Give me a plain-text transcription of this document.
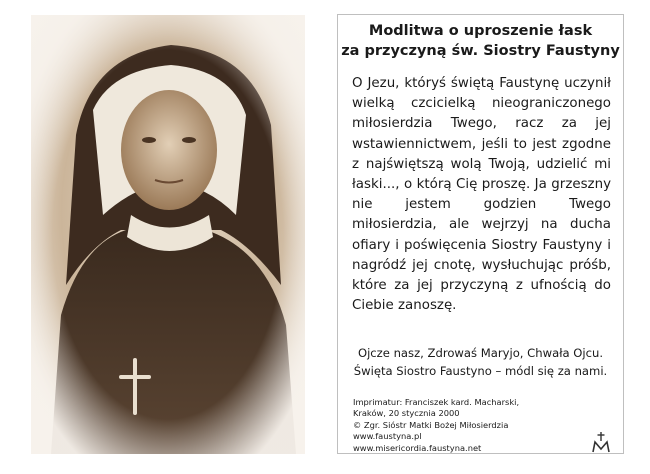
Modlitwa o uproszenie łask
za przyczyną św. Siostry Faustyny
O Jezu, któryś świętą Faustynę uczynił wielką czcicielką nieograniczonego miłosierdzia Twego, racz za jej wstawiennictwem, jeśli to jest zgodne z najświętszą wolą Twoją, udzielić mi łaski..., o którą Cię proszę. Ja grzeszny nie jestem godzien Twego miłosierdzia, ale wejrzyj na ducha ofiary i poświęcenia Siostry Faustyny i nagródź jej cnotę, wysłuchując próśb, które za jej przyczyną z ufnością do Ciebie zanoszę.
Ojcze nasz, Zdrowaś Maryjo, Chwała Ojcu.
Święta Siostro Faustyno – módl się za nami.
Imprimatur: Franciszek kard. Macharski,
Kraków, 20 stycznia 2000
© Zgr. Sióstr Matki Bożej Miłosierdzia
www.faustyna.pl
www.misericordia.faustyna.net
